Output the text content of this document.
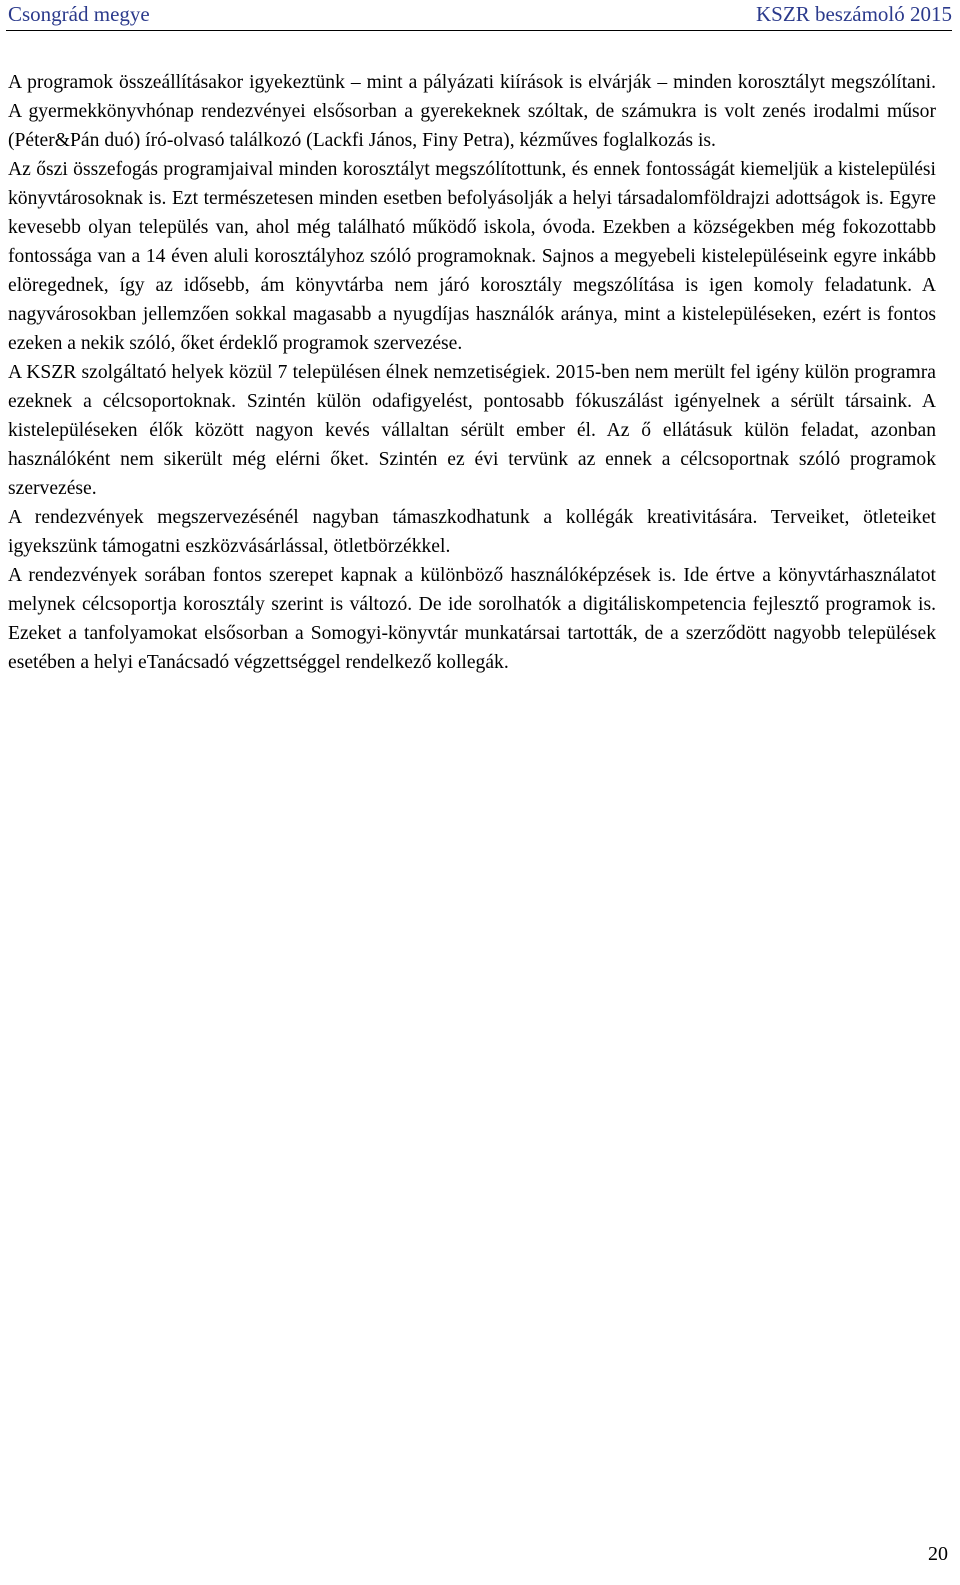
Csongrád megye	KSZR beszámoló 2015

A programok összeállításakor igyekeztünk – mint a pályázati kiírások is elvárják – minden korosztályt megszólítani. A gyermekkönyvhónap rendezvényei elsősorban a gyerekeknek szóltak, de számukra is volt zenés irodalmi műsor (Péter&Pán duó) író-olvasó találkozó (Lackfi János, Finy Petra), kézműves foglalkozás is.

Az őszi összefogás programjaival minden korosztályt megszólítottunk, és ennek fontosságát kiemeljük a kistelepülési könyvtárosoknak is. Ezt természetesen minden esetben befolyásolják a helyi társadalomföldrajzi adottságok is. Egyre kevesebb olyan település van, ahol még található működő iskola, óvoda. Ezekben a községekben még fokozottabb fontossága van a 14 éven aluli korosztályhoz szóló programoknak. Sajnos a megyebeli kistelepüléseink egyre inkább elöregednek, így az idősebb, ám könyvtárba nem járó korosztály megszólítása is igen komoly feladatunk. A nagyvárosokban jellemzően sokkal magasabb a nyugdíjas használók aránya, mint a kistelepüléseken, ezért is fontos ezeken a nekik szóló, őket érdeklő programok szervezése.

A KSZR szolgáltató helyek közül 7 településen élnek nemzetiségiek. 2015-ben nem merült fel igény külön programra ezeknek a célcsoportoknak. Szintén külön odafigyelést, pontosabb fókuszálást igényelnek a sérült társaink. A kistelepüléseken élők között nagyon kevés vállaltan sérült ember él. Az ő ellátásuk külön feladat, azonban használóként nem sikerült még elérni őket. Szintén ez évi tervünk az ennek a célcsoportnak szóló programok szervezése.

A rendezvények megszervezésénél nagyban támaszkodhatunk a kollégák kreativitására. Terveiket, ötleteiket igyekszünk támogatni eszközvásárlással, ötletbörzékkel.

A rendezvények sorában fontos szerepet kapnak a különböző használóképzések is. Ide értve a könyvtárhasználatot melynek célcsoportja korosztály szerint is változó. De ide sorolhatók a digitáliskompetencia fejlesztő programok is. Ezeket a tanfolyamokat elsősorban a Somogyi-könyvtár munkatársai tartották, de a szerződött nagyobb települések esetében a helyi eTanácsadó végzettséggel rendelkező kollegák.

20
